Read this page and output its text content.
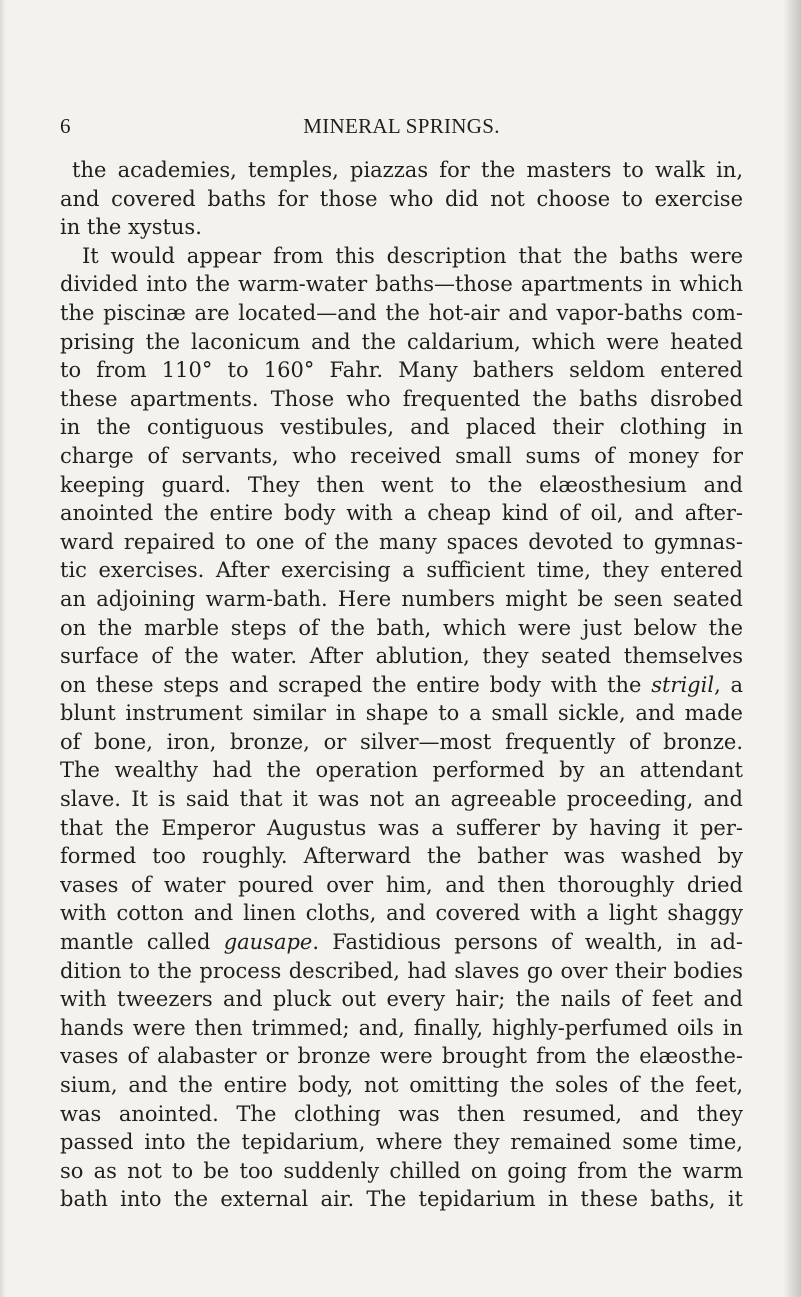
6	MINERAL SPRINGS.
the academies, temples, piazzas for the masters to walk in,
and covered baths for those who did not choose to exercise
in the xystus.
It would appear from this description that the baths were
divided into the warm-water baths—those apartments in which
the piscinæ are located—and the hot-air and vapor-baths com-
prising the laconicum and the caldarium, which were heated
to from 110° to 160° Fahr. Many bathers seldom entered
these apartments. Those who frequented the baths disrobed
in the contiguous vestibules, and placed their clothing in
charge of servants, who received small sums of money for
keeping guard. They then went to the elæosthesium and
anointed the entire body with a cheap kind of oil, and after-
ward repaired to one of the many spaces devoted to gymnas-
tic exercises. After exercising a sufficient time, they entered
an adjoining warm-bath. Here numbers might be seen seated
on the marble steps of the bath, which were just below the
surface of the water. After ablution, they seated themselves
on these steps and scraped the entire body with the strigil, a
blunt instrument similar in shape to a small sickle, and made
of bone, iron, bronze, or silver—most frequently of bronze.
The wealthy had the operation performed by an attendant
slave. It is said that it was not an agreeable proceeding, and
that the Emperor Augustus was a sufferer by having it per-
formed too roughly. Afterward the bather was washed by
vases of water poured over him, and then thoroughly dried
with cotton and linen cloths, and covered with a light shaggy
mantle called gausape. Fastidious persons of wealth, in ad-
dition to the process described, had slaves go over their bodies
with tweezers and pluck out every hair; the nails of feet and
hands were then trimmed; and, finally, highly-perfumed oils in
vases of alabaster or bronze were brought from the elæosthe-
sium, and the entire body, not omitting the soles of the feet,
was anointed. The clothing was then resumed, and they
passed into the tepidarium, where they remained some time,
so as not to be too suddenly chilled on going from the warm
bath into the external air. The tepidarium in these baths, it
